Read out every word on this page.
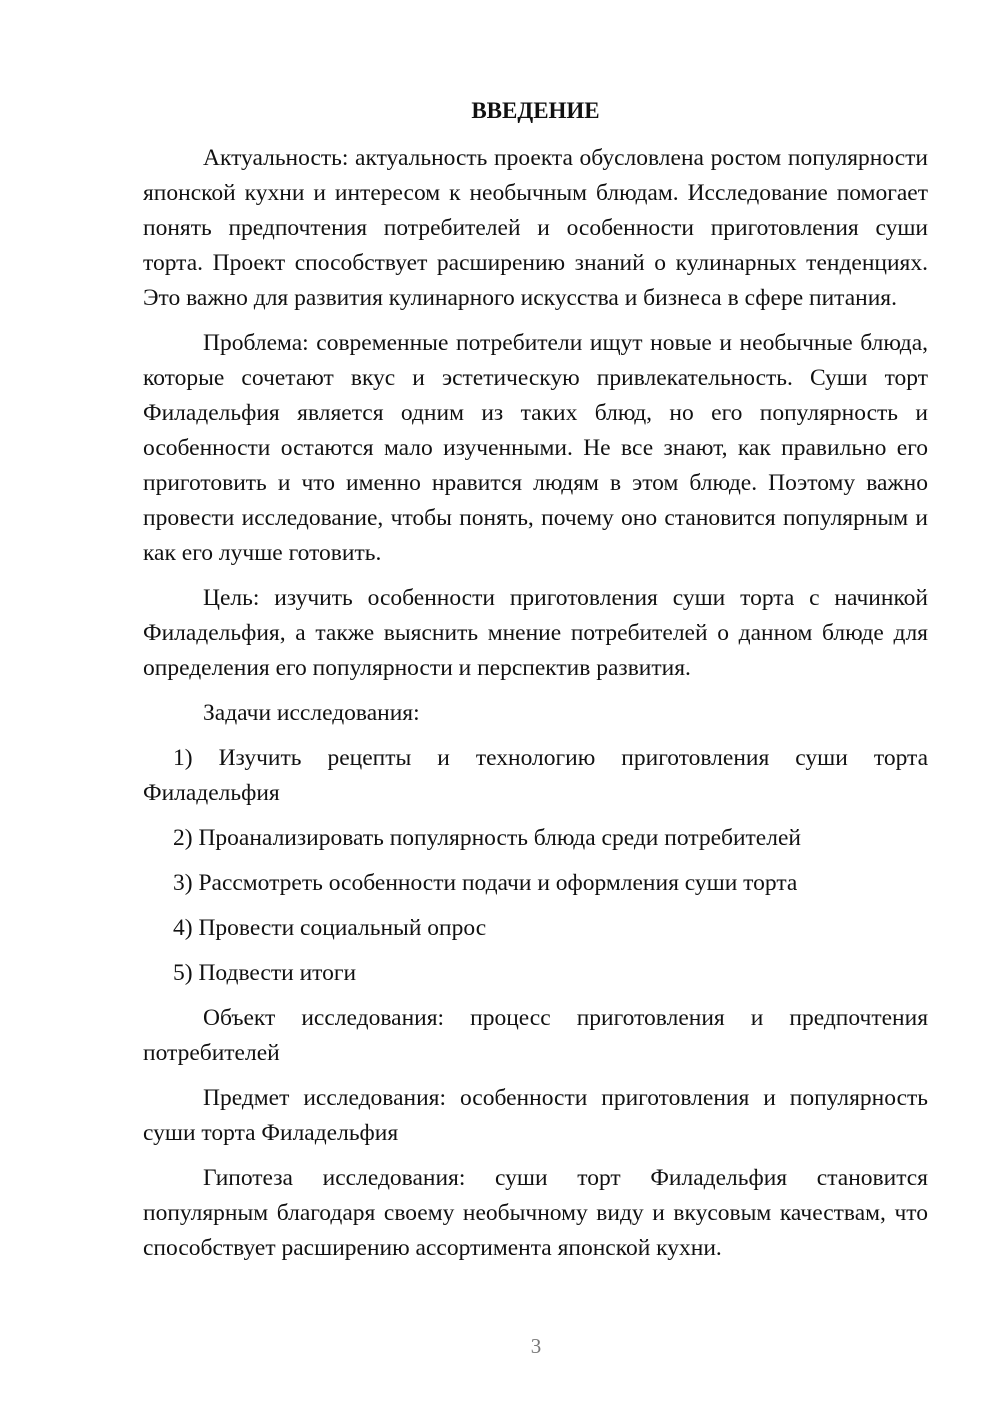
ВВЕДЕНИЕ

Актуальность: актуальность проекта обусловлена ростом популярности японской кухни и интересом к необычным блюдам. Исследование помогает понять предпочтения потребителей и особенности приготовления суши торта. Проект способствует расширению знаний о кулинарных тенденциях. Это важно для развития кулинарного искусства и бизнеса в сфере питания.

Проблема: современные потребители ищут новые и необычные блюда, которые сочетают вкус и эстетическую привлекательность. Суши торт Филадельфия является одним из таких блюд, но его популярность и особенности остаются мало изученными. Не все знают, как правильно его приготовить и что именно нравится людям в этом блюде. Поэтому важно провести исследование, чтобы понять, почему оно становится популярным и как его лучше готовить.

Цель: изучить особенности приготовления суши торта с начинкой Филадельфия, а также выяснить мнение потребителей о данном блюде для определения его популярности и перспектив развития.

Задачи исследования:

1) Изучить рецепты и технологию приготовления суши торта Филадельфия

2) Проанализировать популярность блюда среди потребителей

3) Рассмотреть особенности подачи и оформления суши торта

4) Провести социальный опрос

5) Подвести итоги

Объект исследования: процесс приготовления и предпочтения потребителей

Предмет исследования: особенности приготовления и популярность суши торта Филадельфия

Гипотеза исследования: суши торт Филадельфия становится популярным благодаря своему необычному виду и вкусовым качествам, что способствует расширению ассортимента японской кухни.

3
